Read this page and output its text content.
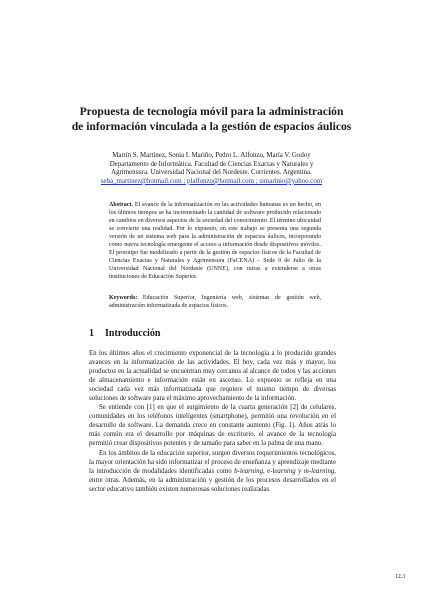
Propuesta de tecnología móvil para la administración
de información vinculada a la gestión de espacios áulicos
Martín S. Martínez, Sonia I. Mariño, Pedro L. Alfonzo, María V. Godoy
Departamento de Informática. Facultad de Ciencias Exactas y Naturales y
Agrimensura. Universidad Nacional del Nordeste. Corrientes. Argentina.
seba_martinez@hotmail.com ; plalfonzo@hotmail.com ; simarinio@yahoo.com
Abstract. El avance de la informatización en las actividades humanas es un hecho, en los últimos tiempos se ha incrementado la cantidad de software producido relacionado en cambios en diversos aspectos de la sociedad del conocimiento. El término ubicuidad se convierte una realidad. Por lo expuesto, en este trabajo se presenta una segunda versión de un sistema web para la administración de espacios áulicos, incorporando como nueva tecnología emergente el acceso a información desde dispositivos móviles. El prototipo fue modelizado a partir de la gestión de espacios físicos de la Facultad de Ciencias Exactas y Naturales y Agrimensura (FaCENA) – Sede 9 de Julio de la Universidad Nacional del Nordeste (UNNE), con miras a extenderse a otras instituciones de Educación Superior.
Keywords: Educación Superior, Ingeniería web, sistemas de gestión web, administración informatizada de espacios físicos.
1 Introducción

En los últimos años el crecimiento exponencial de la tecnología a lo producido grandes avances en la informatización de las actividades. El hoy, cada vez más y mayor, los productos en la actualidad se encuentran muy cercanos al alcance de todos y las acciones de almacenamiento e información están en ascenso. Lo expuesto se refleja en una sociedad cada vez más informatizada que requiere el mismo tiempo de diversas soluciones de software para el máximo aprovechamiento de la información.

Se entiende con [1] en que el surgimiento de la cuarta generación [2] de celulares, comunidades en los teléfonos inteligentes (smartphone), permitió una revolución en el desarrollo de software. La demanda crece en constante aumento (Fig. 1). Años atrás lo más común era el desarrollo por máquinas de escritorio, el avance de la tecnología permitió crear dispositivos potentes y de tamaño para saber en la palma de una mano.

En los ámbitos de la educación superior, surgen diversos requerimientos tecnológicos, la mayor orientación ha sido informatizar el proceso de enseñanza y aprendizaje mediante la introducción de modalidades identificadas como b-learning, e-learning y m-learning, entre otras. Además, en la administración y gestión de los procesos desarrollados en el sector educativo también existen numerosas soluciones realizadas

12.3
